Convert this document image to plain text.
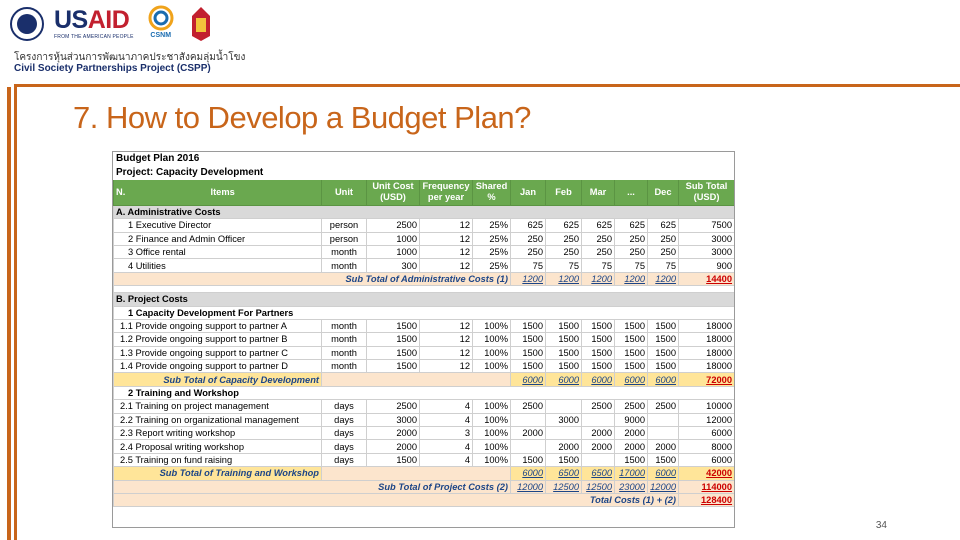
USAID
FROM THE AMERICAN PEOPLE CSNM
โครงการหุ้นส่วนการพัฒนาภาคประชาสังคมลุ่มน้ำโขง
Civil Society Partnerships Project (CSPP)
7. How to Develop a Budget Plan?
Budget Plan 2016										
Project: Capacity Development										
N. Items	Unit	Unit Cost (USD)	Frequency per year	Shared %	Jan	Feb	Mar	...	Dec	Sub Total (USD)
A. Administrative Costs										
1 Executive Director	person	2500	12	25%	625	625	625	625	625	7500
2 Finance and Admin Officer	person	1000	12	25%	250	250	250	250	250	3000
3 Office rental	month	1000	12	25%	250	250	250	250	250	3000
4 Utilities	month	300	12	25%	75	75	75	75	75	900
Sub Total of Administrative Costs (1)					1200	1200	1200	1200	1200	14400

B. Project Costs										
1 Capacity Development For Partners										
1.1 Provide ongoing support to partner A	month	1500	12	100%	1500	1500	1500	1500	1500	18000
1.2 Provide ongoing support to partner B	month	1500	12	100%	1500	1500	1500	1500	1500	18000
1.3 Provide ongoing support to partner C	month	1500	12	100%	1500	1500	1500	1500	1500	18000
1.4 Provide ongoing support to partner D	month	1500	12	100%	1500	1500	1500	1500	1500	18000
Sub Total of Capacity Development					6000	6000	6000	6000	6000	72000
2 Training and Workshop										
2.1 Training on project management	days	2500	4	100%	2500		2500	2500	2500	10000
2.2 Training on organizational management	days	3000	4	100%		3000		9000		12000
2.3 Report writing workshop	days	2000	3	100%	2000		2000	2000		6000
2.4 Proposal writing workshop	days	2000	4	100%		2000	2000	2000	2000	8000
2.5 Training on fund raising	days	1500	4	100%	1500	1500		1500	1500	6000
Sub Total of Training and Workshop					6000	6500	6500	17000	6000	42000
Sub Total of Project Costs (2)					12000	12500	12500	23000	12000	114000
Total Costs (1) + (2)										128400
34
